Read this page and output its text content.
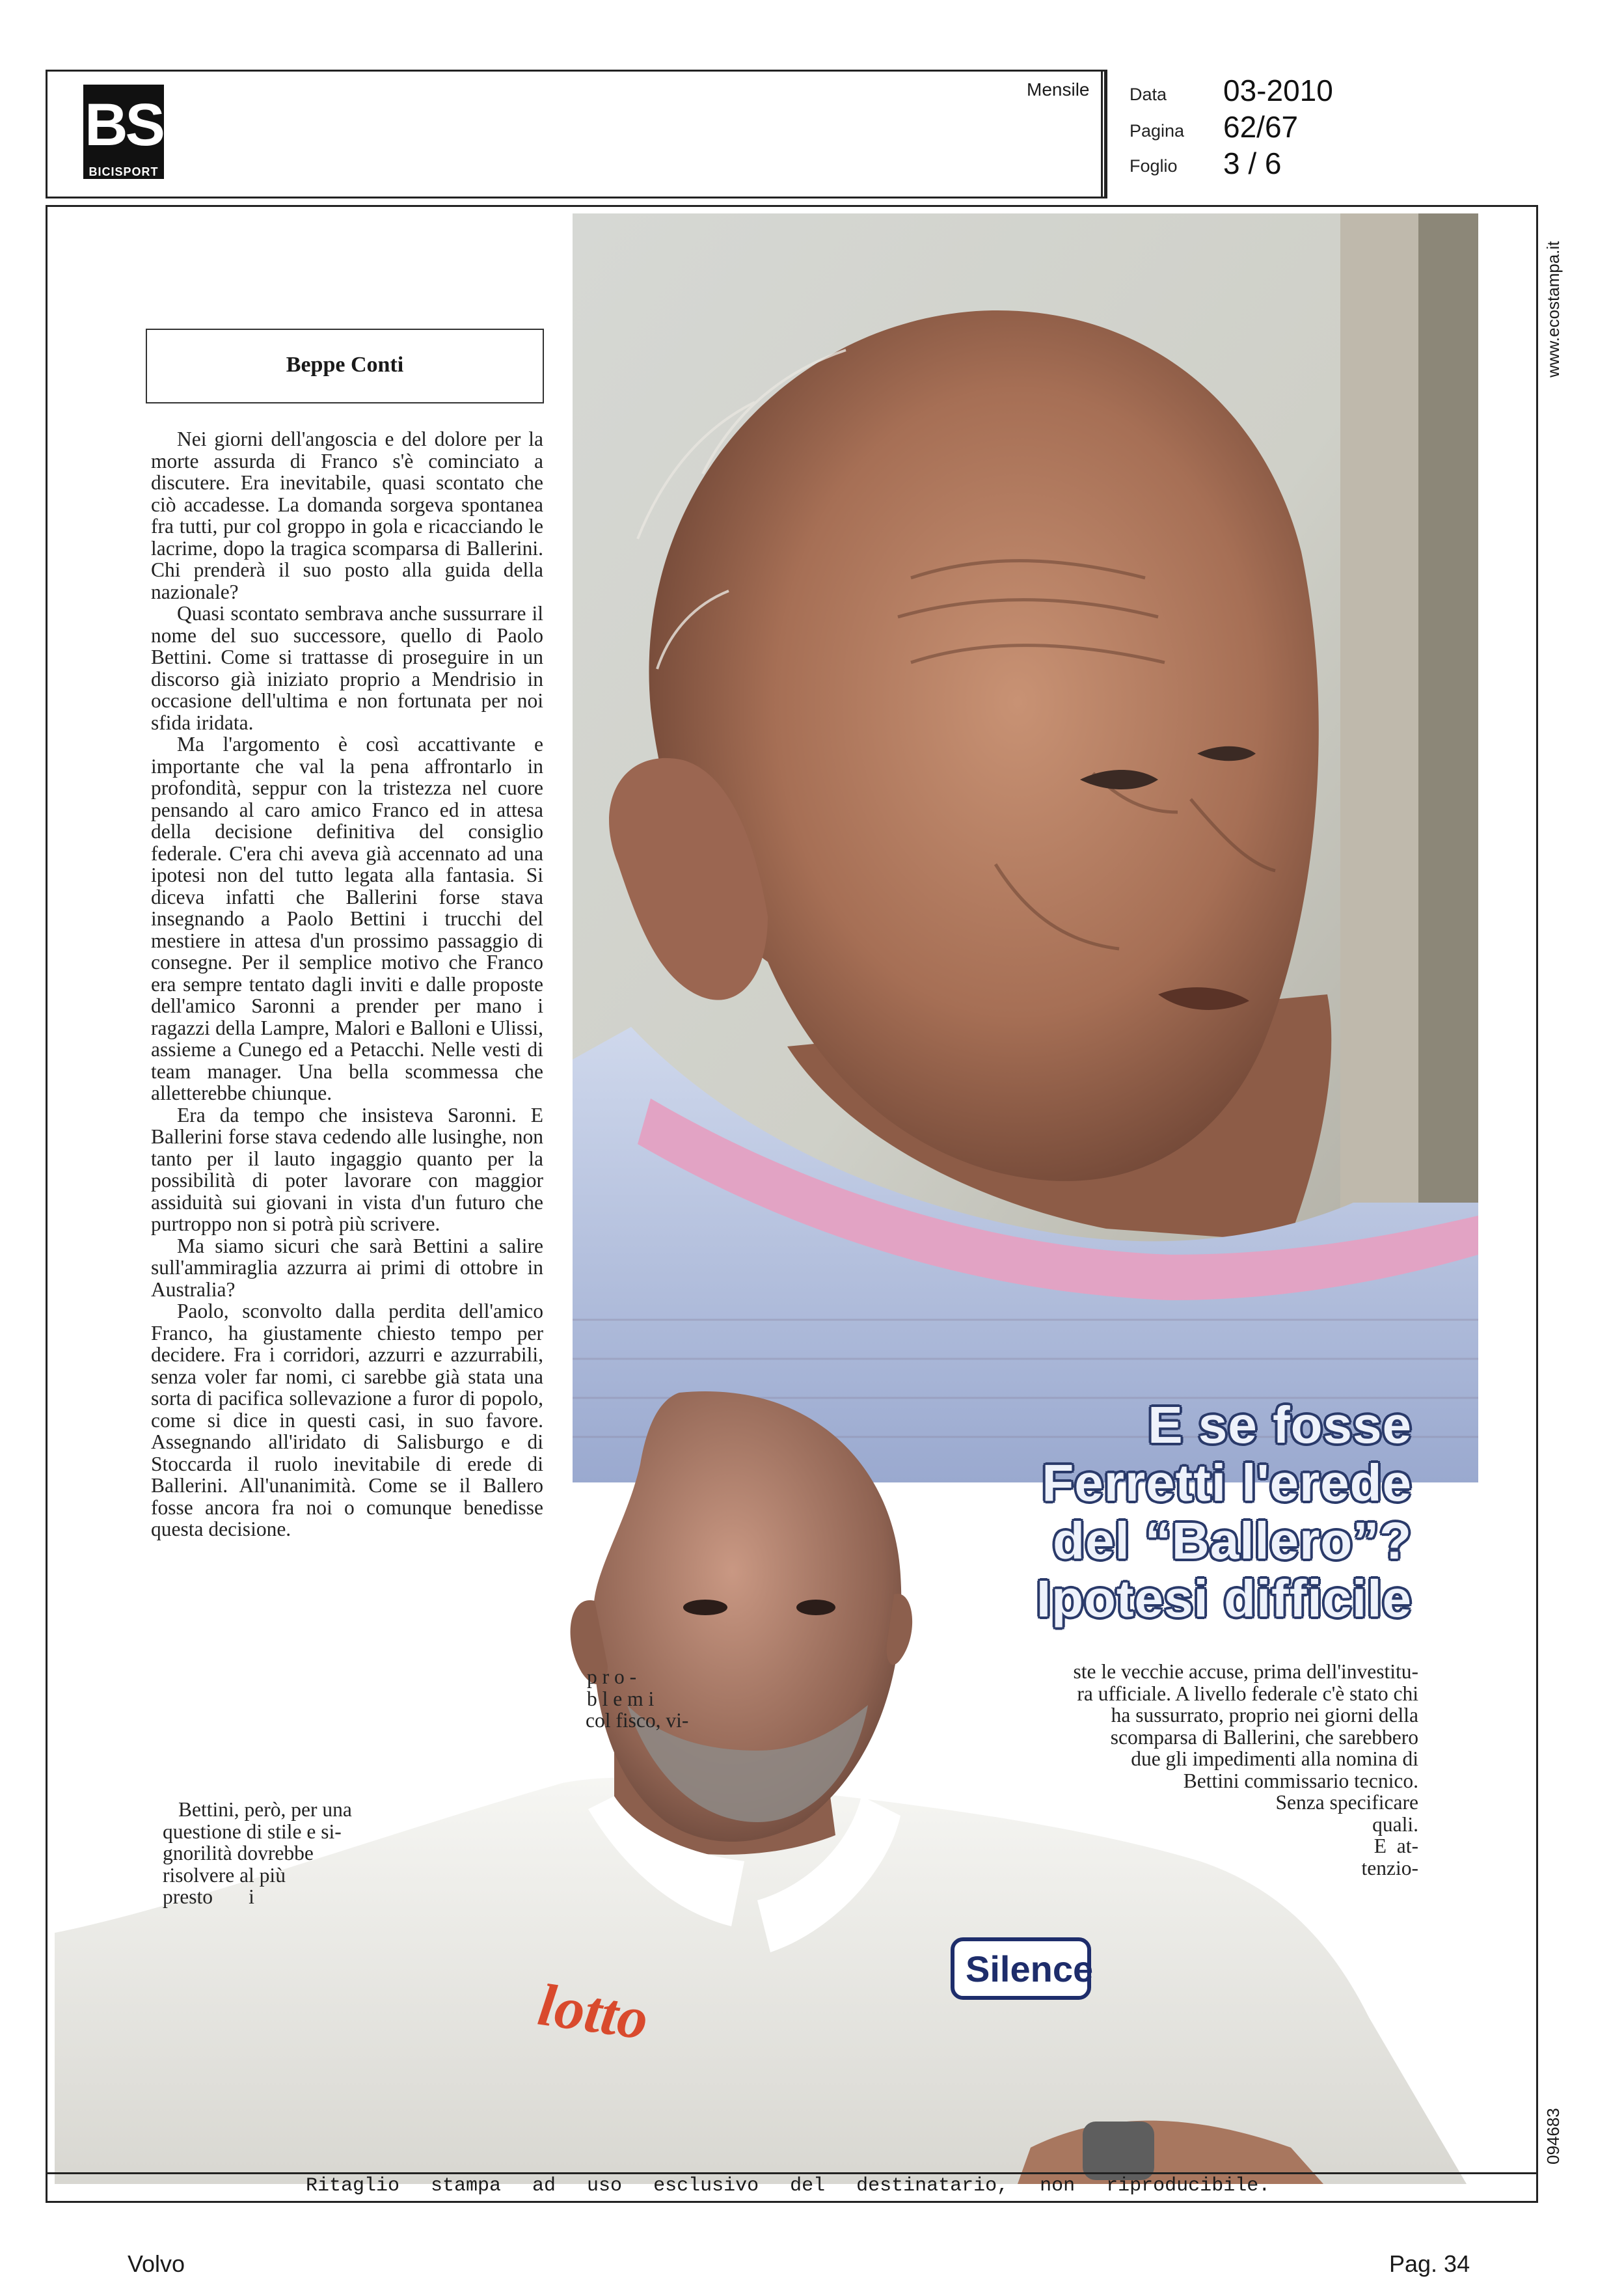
BS
BICISPORT
Mensile Data 03-2010
Pagina 62/67
Foglio 3 / 6
www.ecostampa.it
094683
lotto
Silence
Beppe Conti

Nei giorni dell'angoscia e del dolore per la morte assurda di Franco s'è cominciato a discutere. Era inevitabile, quasi scontato che ciò accadesse. La domanda sorgeva spontanea fra tutti, pur col groppo in gola e ricacciando le lacrime, dopo la tragica scomparsa di Ballerini. Chi prenderà il suo posto alla guida della nazionale?

Quasi scontato sembrava anche sussurrare il nome del suo successore, quello di Paolo Bettini. Come si trattasse di proseguire in un discorso già iniziato proprio a Mendrisio in occasione dell'ultima e non fortunata per noi sfida iridata.

Ma l'argomento è così accattivante e importante che val la pena affrontarlo in profondità, seppur con la tristezza nel cuore pensando al caro amico Franco ed in attesa della decisione definitiva del consiglio federale. C'era chi aveva già accennato ad una ipotesi non del tutto legata alla fantasia. Si diceva infatti che Ballerini forse stava insegnando a Paolo Bettini i trucchi del mestiere in attesa d'un prossimo passaggio di consegne. Per il semplice motivo che Franco era sempre tentato dagli inviti e dalle proposte dell'amico Saronni a prender per mano i ragazzi della Lampre, Malori e Balloni e Ulissi, assieme a Cunego ed a Petacchi. Nelle vesti di team manager. Una bella scommessa che alletterebbe chiunque.

Era da tempo che insisteva Saronni. E Ballerini forse stava cedendo alle lusinghe, non tanto per il lauto ingaggio quanto per la possibilità di poter lavorare con maggior assiduità sui giovani in vista d'un futuro che purtroppo non si potrà più scrivere.

Ma siamo sicuri che sarà Bettini a salire sull'ammiraglia azzurra ai primi di ottobre in Australia?

Paolo, sconvolto dalla perdita dell'amico Franco, ha giustamente chiesto tempo per decidere. Fra i corridori, azzurri e azzurrabili, senza voler far nomi, ci sarebbe già stata una sorta di pacifica sollevazione a furor di popolo, come si dice in questi casi, in suo favore. Assegnando all'iridato di Salisburgo e di Stoccarda il ruolo inevitabile di erede di Ballerini. All'unanimità. Come se il Ballero fosse ancora fra noi o comunque benedisse questa decisione.

Bettini, però, per una
questione di stile e si-
gnorilità dovrebbe
risolvere al più
presto       i
p r o -
b l e m i
col fisco, vi-
E se fosse
Ferretti l'erede
del “Ballero”?
Ipotesi difficile
ste le vecchie accuse, prima dell'investitu-
ra ufficiale. A livello federale c'è stato chi
ha sussurrato, proprio nei giorni della
scomparsa di Ballerini, che sarebbero
due gli impedimenti alla nomina di
Bettini commissario tecnico.
Senza specificare
quali.
E  at-
tenzio-
Ritaglio stampa ad uso esclusivo del destinatario, non riproducibile.
Volvo	Pag. 34
